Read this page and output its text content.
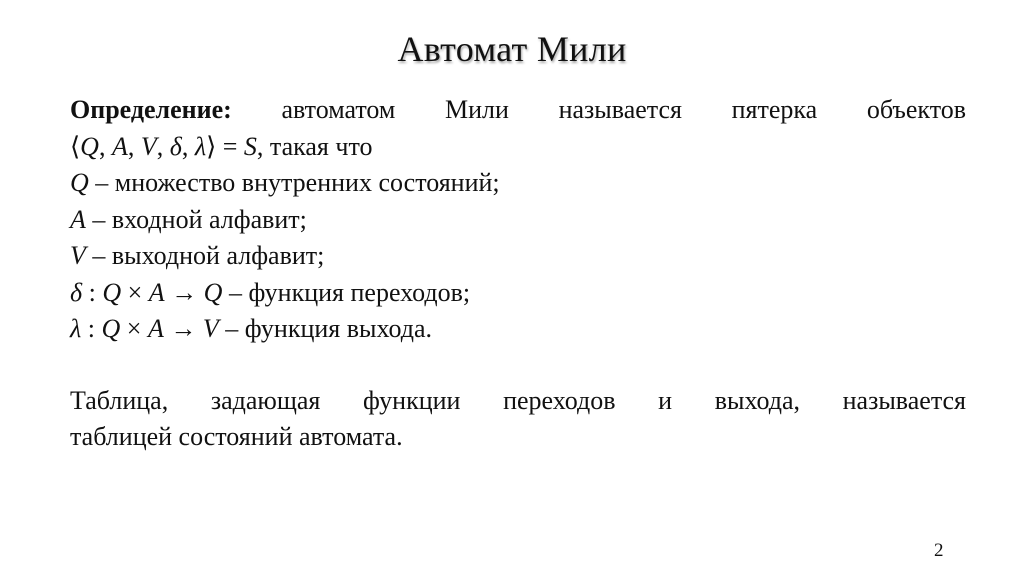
Автомат Мили
Определение: автоматом Мили называется пятерка объектов
⟨Q, A, V, δ, λ⟩ = S, такая что
Q – множество внутренних состояний;
A – входной алфавит;
V – выходной алфавит;
δ : Q × A → Q – функция переходов;
λ : Q × A → V – функция выхода.
Таблица, задающая функции переходов и выхода, называется
таблицей состояний автомата.
2
